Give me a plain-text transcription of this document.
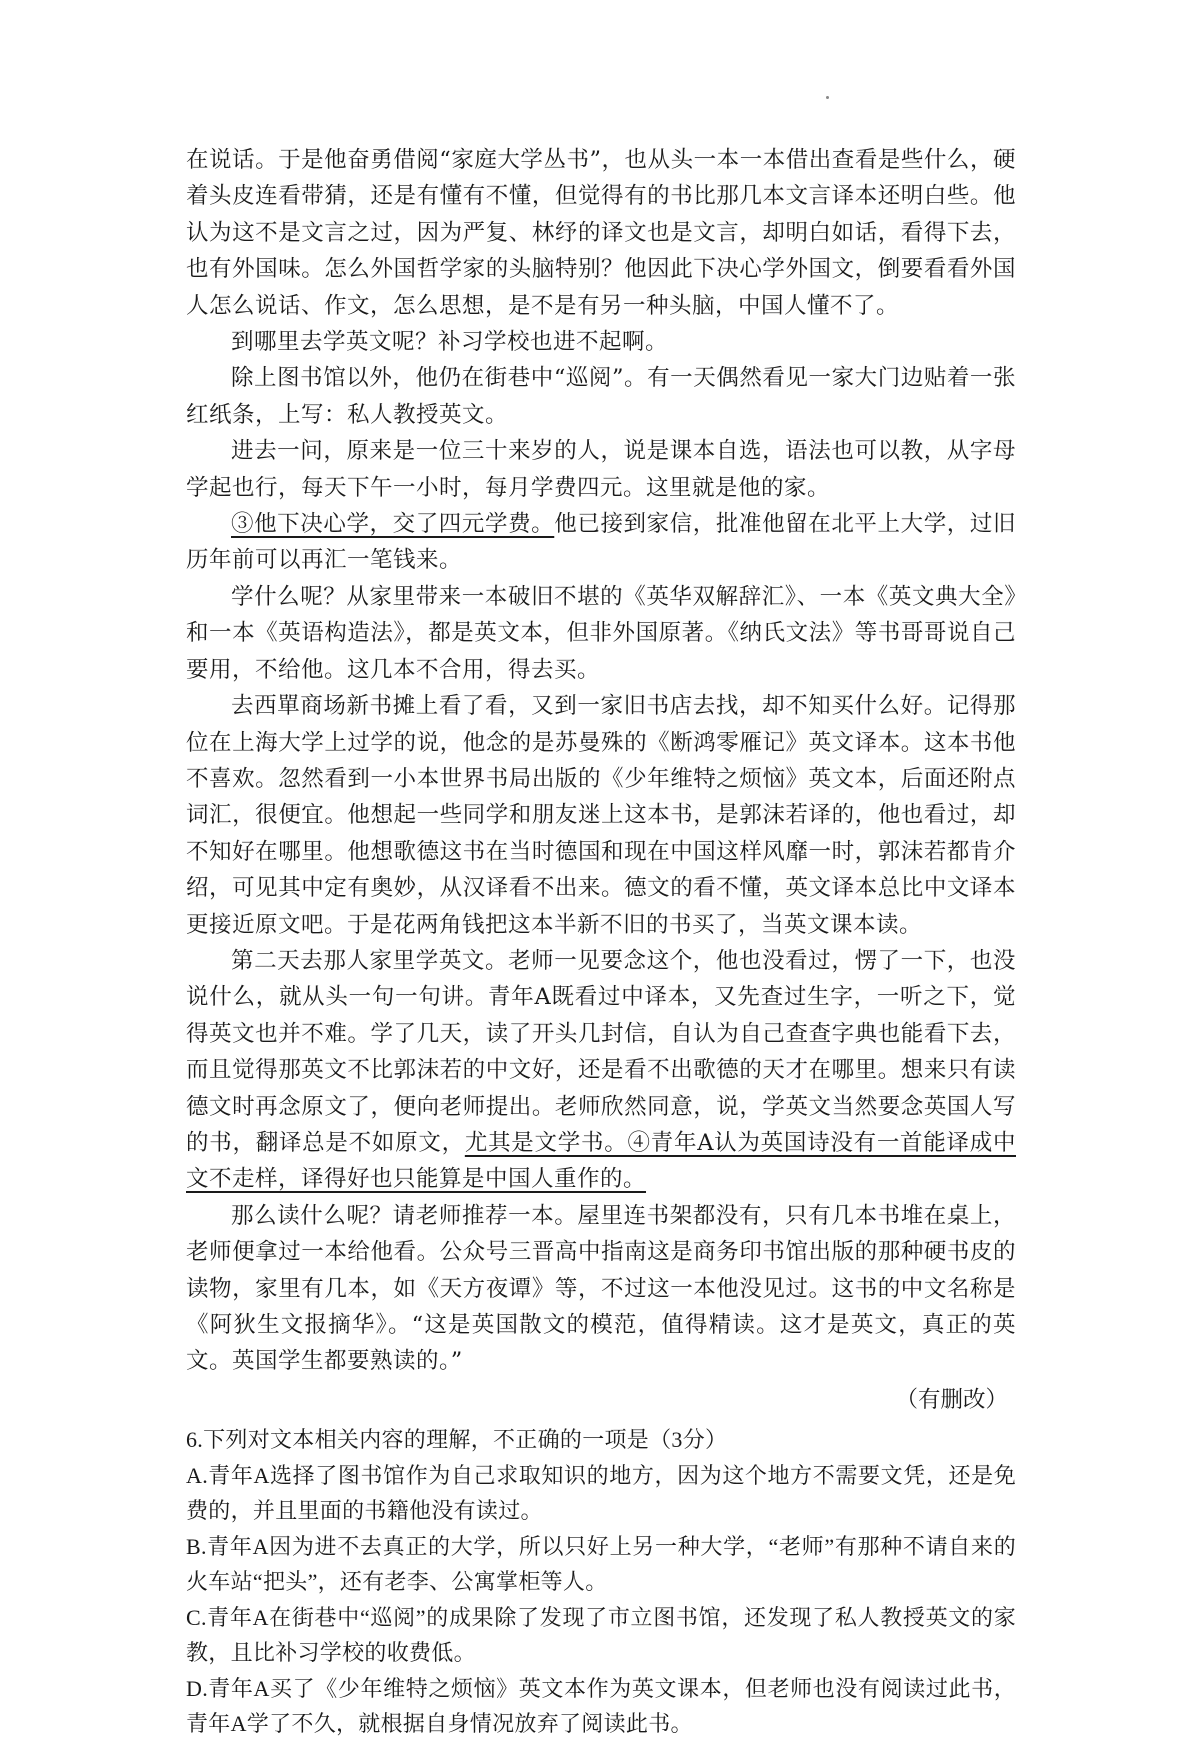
在说话。于是他奋勇借阅“家庭大学丛书”，也从头一本一本借出查看是些什么，硬着头皮连看带猜，还是有懂有不懂，但觉得有的书比那几本文言译本还明白些。他认为这不是文言之过，因为严复、林纾的译文也是文言，却明白如话，看得下去，也有外国味。怎么外国哲学家的头脑特别？他因此下决心学外国文，倒要看看外国人怎么说话、作文，怎么思想，是不是有另一种头脑，中国人懂不了。

到哪里去学英文呢？补习学校也进不起啊。

除上图书馆以外，他仍在街巷中“巡阅”。有一天偶然看见一家大门边贴着一张红纸条，上写：私人教授英文。

进去一问，原来是一位三十来岁的人，说是课本自选，语法也可以教，从字母学起也行，每天下午一小时，每月学费四元。这里就是他的家。

③他下决心学，交了四元学费。他已接到家信，批准他留在北平上大学，过旧历年前可以再汇一笔钱来。

学什么呢？从家里带来一本破旧不堪的《英华双解辞汇》、一本《英文典大全》和一本《英语构造法》，都是英文本，但非外国原著。《纳氏文法》等书哥哥说自己要用，不给他。这几本不合用，得去买。

去西單商场新书摊上看了看，又到一家旧书店去找，却不知买什么好。记得那位在上海大学上过学的说，他念的是苏曼殊的《断鸿零雁记》英文译本。这本书他不喜欢。忽然看到一小本世界书局出版的《少年维特之烦恼》英文本，后面还附点词汇，很便宜。他想起一些同学和朋友迷上这本书，是郭沫若译的，他也看过，却不知好在哪里。他想歌德这书在当时德国和现在中国这样风靡一时，郭沫若都肯介绍，可见其中定有奥妙，从汉译看不出来。德文的看不懂，英文译本总比中文译本更接近原文吧。于是花两角钱把这本半新不旧的书买了，当英文课本读。

第二天去那人家里学英文。老师一见要念这个，他也没看过，愣了一下，也没说什么，就从头一句一句讲。青年A既看过中译本，又先查过生字，一听之下，觉得英文也并不难。学了几天，读了开头几封信，自认为自己查查字典也能看下去，而且觉得那英文不比郭沫若的中文好，还是看不出歌德的天才在哪里。想来只有读德文时再念原文了，便向老师提出。老师欣然同意，说，学英文当然要念英国人写的书，翻译总是不如原文，尤其是文学书。④青年A认为英国诗没有一首能译成中文不走样，译得好也只能算是中国人重作的。

那么读什么呢？请老师推荐一本。屋里连书架都没有，只有几本书堆在桌上，老师便拿过一本给他看。公众号三晋高中指南这是商务印书馆出版的那种硬书皮的读物，家里有几本，如《天方夜谭》等，不过这一本他没见过。这书的中文名称是《阿狄生文报摘华》。“这是英国散文的模范，值得精读。这才是英文，真正的英文。英国学生都要熟读的。”

（有删改）

6.下列对文本相关内容的理解，不正确的一项是（3分）

A.青年A选择了图书馆作为自己求取知识的地方，因为这个地方不需要文凭，还是免费的，并且里面的书籍他没有读过。

B.青年A因为进不去真正的大学，所以只好上另一种大学，“老师”有那种不请自来的火车站“把头”，还有老李、公寓掌柜等人。

C.青年A在街巷中“巡阅”的成果除了发现了市立图书馆，还发现了私人教授英文的家教，且比补习学校的收费低。

D.青年A买了《少年维特之烦恼》英文本作为英文课本，但老师也没有阅读过此书，青年A学了不久，就根据自身情况放弃了阅读此书。
